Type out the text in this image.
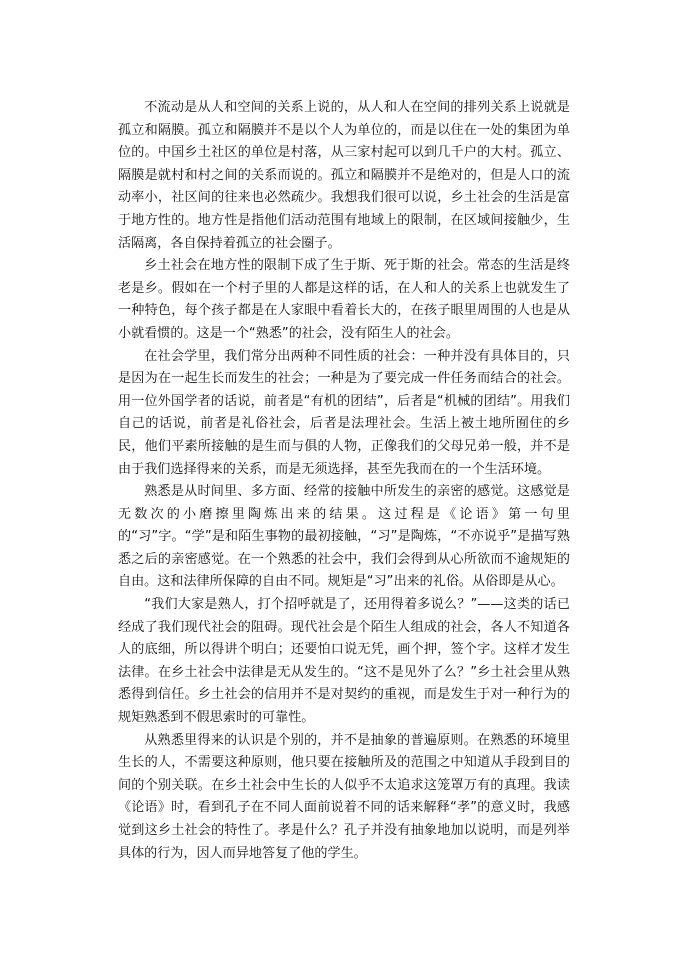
不流动是从人和空间的关系上说的，从人和人在空间的排列关系上说就是孤立和隔膜。孤立和隔膜并不是以个人为单位的，而是以住在一处的集团为单位的。中国乡土社区的单位是村落，从三家村起可以到几千户的大村。孤立、隔膜是就村和村之间的关系而说的。孤立和隔膜并不是绝对的，但是人口的流动率小，社区间的往来也必然疏少。我想我们很可以说，乡土社会的生活是富于地方性的。地方性是指他们活动范围有地域上的限制，在区域间接触少，生活隔离，各自保持着孤立的社会圈子。

乡土社会在地方性的限制下成了生于斯、死于斯的社会。常态的生活是终老是乡。假如在一个村子里的人都是这样的话，在人和人的关系上也就发生了一种特色，每个孩子都是在人家眼中看着长大的，在孩子眼里周围的人也是从小就看惯的。这是一个“熟悉”的社会，没有陌生人的社会。

在社会学里，我们常分出两种不同性质的社会：一种并没有具体目的，只是因为在一起生长而发生的社会；一种是为了要完成一件任务而结合的社会。用一位外国学者的话说，前者是“有机的团结”，后者是“机械的团结”。用我们自己的话说，前者是礼俗社会，后者是法理社会。生活上被土地所囿住的乡民，他们平素所接触的是生而与俱的人物，正像我们的父母兄弟一般，并不是由于我们选择得来的关系，而是无须选择，甚至先我而在的一个生活环境。

熟悉是从时间里、多方面、经常的接触中所发生的亲密的感觉。这感觉是无数次的小磨擦里陶炼出来的结果。这过程是《论语》第一句里的“习”字。“学”是和陌生事物的最初接触，“习”是陶炼，“不亦说乎”是描写熟悉之后的亲密感觉。在一个熟悉的社会中，我们会得到从心所欲而不逾规矩的自由。这和法律所保障的自由不同。规矩是“习”出来的礼俗。从俗即是从心。

“我们大家是熟人，打个招呼就是了，还用得着多说么？”——这类的话已经成了我们现代社会的阻碍。现代社会是个陌生人组成的社会，各人不知道各人的底细，所以得讲个明白；还要怕口说无凭，画个押，签个字。这样才发生法律。在乡土社会中法律是无从发生的。“这不是见外了么？”乡土社会里从熟悉得到信任。乡土社会的信用并不是对契约的重视，而是发生于对一种行为的规矩熟悉到不假思索时的可靠性。

从熟悉里得来的认识是个别的，并不是抽象的普遍原则。在熟悉的环境里生长的人，不需要这种原则，他只要在接触所及的范围之中知道从手段到目的间的个别关联。在乡土社会中生长的人似乎不太追求这笼罩万有的真理。我读《论语》时，看到孔子在不同人面前说着不同的话来解释“孝”的意义时，我感觉到这乡土社会的特性了。孝是什么？孔子并没有抽象地加以说明，而是列举具体的行为，因人而异地答复了他的学生。
